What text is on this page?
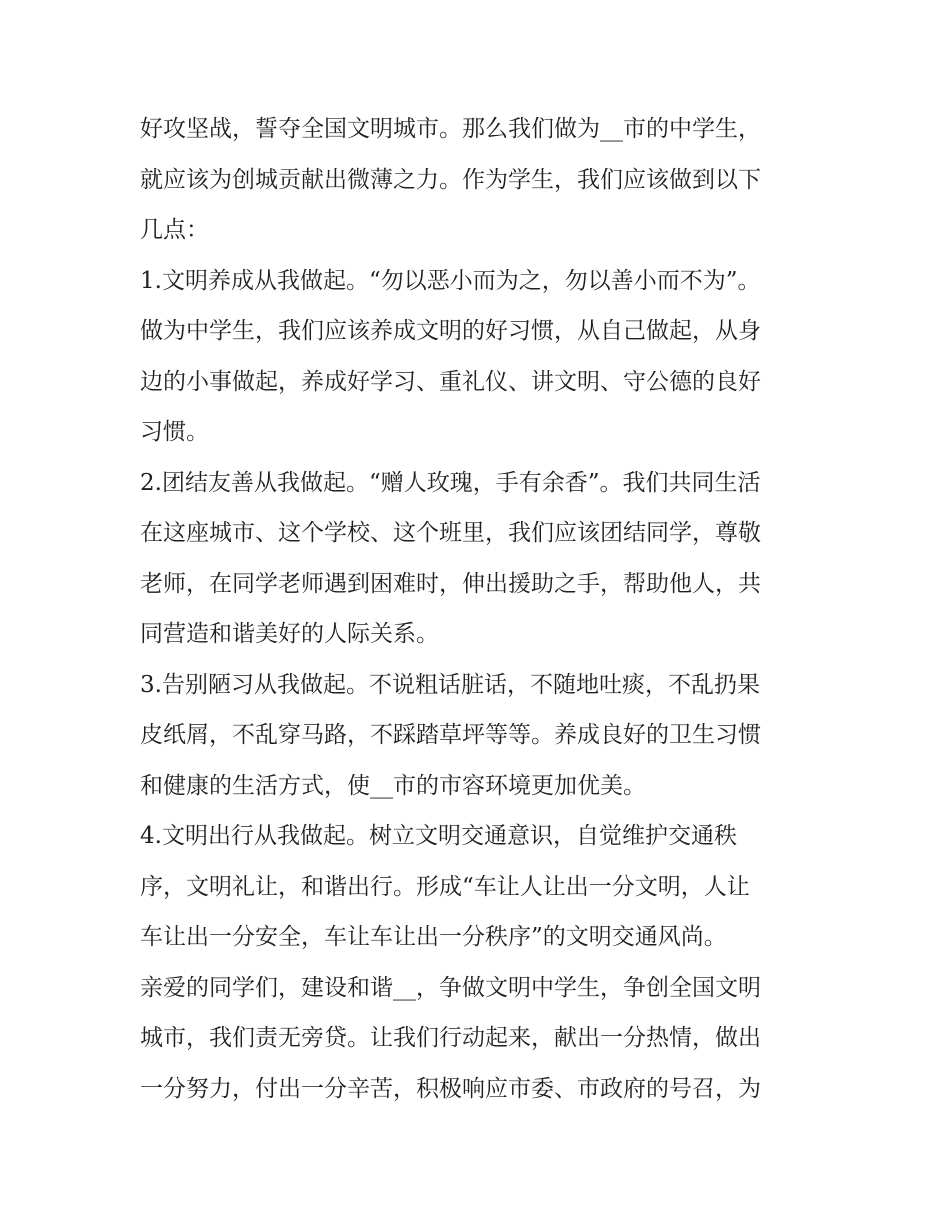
好攻坚战，誓夺全国文明城市。那么我们做为__市的中学生，
就应该为创城贡献出微薄之力。作为学生，我们应该做到以下
几点：
1.文明养成从我做起。“勿以恶小而为之，勿以善小而不为”。
做为中学生，我们应该养成文明的好习惯，从自己做起，从身
边的小事做起，养成好学习、重礼仪、讲文明、守公德的良好
习惯。
2.团结友善从我做起。“赠人玫瑰，手有余香”。我们共同生活
在这座城市、这个学校、这个班里，我们应该团结同学，尊敬
老师，在同学老师遇到困难时，伸出援助之手，帮助他人，共
同营造和谐美好的人际关系。
3.告别陋习从我做起。不说粗话脏话，不随地吐痰，不乱扔果
皮纸屑，不乱穿马路，不踩踏草坪等等。养成良好的卫生习惯
和健康的生活方式，使__市的市容环境更加优美。
4.文明出行从我做起。树立文明交通意识，自觉维护交通秩
序，文明礼让，和谐出行。形成“车让人让出一分文明，人让
车让出一分安全，车让车让出一分秩序”的文明交通风尚。
亲爱的同学们，建设和谐__，争做文明中学生，争创全国文明
城市，我们责无旁贷。让我们行动起来，献出一分热情，做出
一分努力，付出一分辛苦，积极响应市委、市政府的号召，为
